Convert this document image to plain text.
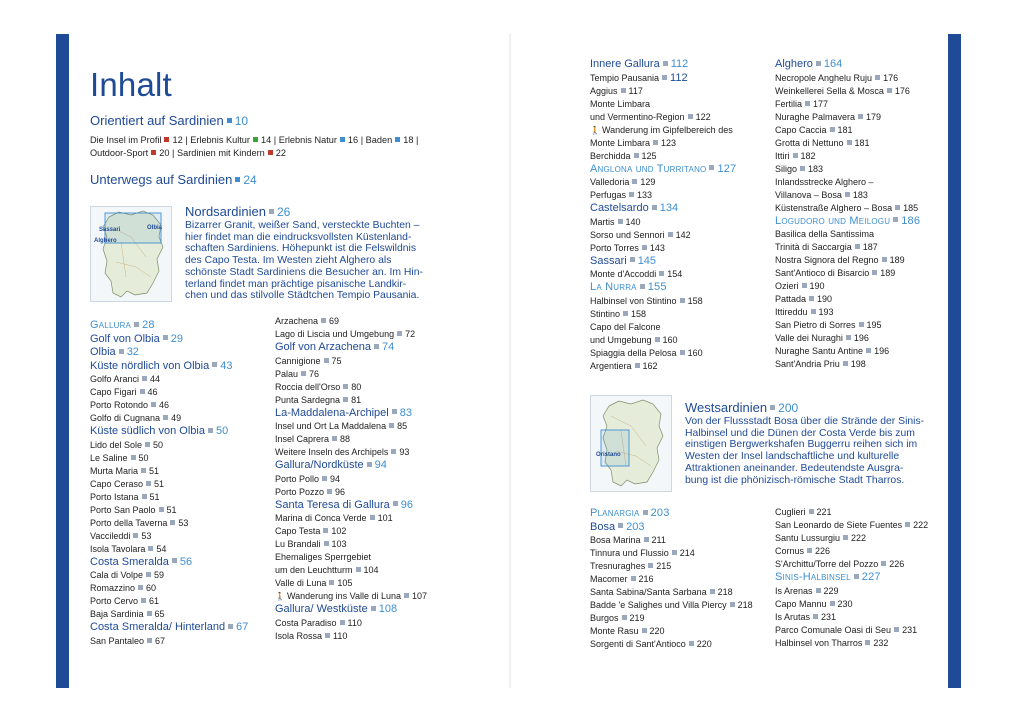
Inhalt
Orientiert auf Sardinien 10
Die Insel im Profil 12 | Erlebnis Kultur 14 | Erlebnis Natur 16 | Baden 18 |
Outdoor-Sport 20 | Sardinien mit Kindern 22
Unterwegs auf Sardinien 24
Sassari	Olbia
Alghero
Nordsardinien 26
Bizarrer Granit, weißer Sand, versteckte Buchten –
hier findet man die eindrucksvollsten Küstenland-
schaften Sardiniens. Höhepunkt ist die Felswildnis
des Capo Testa. Im Westen zieht Alghero als
schönste Stadt Sardiniens die Besucher an. Im Hin-
terland findet man prächtige pisanische Landkir-
chen und das stilvolle Städtchen Tempio Pausania.
Oristano
Westsardinien 200
Von der Flussstadt Bosa über die Strände der Sinis-
Halbinsel und die Dünen der Costa Verde bis zum
einstigen Bergwerkshafen Buggerru reihen sich im
Westen der Insel landschaftliche und kulturelle
Attraktionen aneinander. Bedeutendste Ausgra-
bung ist die phönizisch-römische Stadt Tharros.
Gallura 28
Golf von Olbia 29
Olbia 32
Küste nördlich von Olbia 43
Golfo Aranci 44
Capo Figari 46
Porto Rotondo 46
Golfo di Cugnana 49
Küste südlich von Olbia 50
Lido del Sole 50
Le Saline 50
Murta Maria 51
Capo Ceraso 51
Porto Istana 51
Porto San Paolo 51
Porto della Taverna 53
Vaccileddi 53
Isola Tavolara 54
Costa Smeralda 56
Cala di Volpe 59
Romazzino 60
Porto Cervo 61
Baja Sardinia 65
Costa Smeralda/ Hinterland 67
San Pantaleo 67
Arzachena 69
Lago di Liscia und Umgebung 72
Golf von Arzachena 74
Cannigione 75
Palau 76
Roccia dell'Orso 80
Punta Sardegna 81
La-Maddalena-Archipel 83
Insel und Ort La Maddalena 85
Insel Caprera 88
Weitere Inseln des Archipels 93
Gallura/Nordküste 94
Porto Pollo 94
Porto Pozzo 96
Santa Teresa di Gallura 96
Marina di Conca Verde 101
Capo Testa 102
Lu Brandali 103
Ehemaliges Sperrgebiet
um den Leuchtturm 104
Valle di Luna 105
🚶 Wanderung ins Valle di Luna 107
Gallura/ Westküste 108
Costa Paradiso 110
Isola Rossa 110
Innere Gallura 112
Tempio Pausania 112
Aggius 117
Monte Limbara
und Vermentino-Region 122
🚶 Wanderung im Gipfelbereich des
Monte Limbara 123
Berchidda 125
Anglona und Turritano 127
Valledoria 129
Perfugas 133
Castelsardo 134
Martis 140
Sorso und Sennori 142
Porto Torres 143
Sassari 145
Monte d'Accoddi 154
La Nurra 155
Halbinsel von Stintino 158
Stintino 158
Capo del Falcone
und Umgebung 160
Spiaggia della Pelosa 160
Argentiera 162
Alghero 164
Necropole Anghelu Ruju 176
Weinkellerei Sella & Mosca 176
Fertilia 177
Nuraghe Palmavera 179
Capo Caccia 181
Grotta di Nettuno 181
Ittiri 182
Siligo 183
Inlandsstrecke Alghero –
Villanova – Bosa 183
Küstenstraße Alghero – Bosa 185
Logudoro und Meilogu 186
Basilica della Santissima
Trinità di Saccargia 187
Nostra Signora del Regno 189
Sant'Antioco di Bisarcio 189
Ozieri 190
Pattada 190
Ittireddu 193
San Pietro di Sorres 195
Valle dei Nuraghi 196
Nuraghe Santu Antine 196
Sant'Andria Priu 198
Planargia 203
Bosa 203
Bosa Marina 211
Tinnura und Flussio 214
Tresnuraghes 215
Macomer 216
Santa Sabina/Santa Sarbana 218
Badde 'e Salighes und Villa Piercy 218
Burgos 219
Monte Rasu 220
Sorgenti di Sant'Antioco 220
Cuglieri 221
San Leonardo de Siete Fuentes 222
Santu Lussurgiu 222
Cornus 226
S'Archittu/Torre del Pozzo 226
Sinis-Halbinsel 227
Is Arenas 229
Capo Mannu 230
Is Arutas 231
Parco Comunale Oasi di Seu 231
Halbinsel von Tharros 232
